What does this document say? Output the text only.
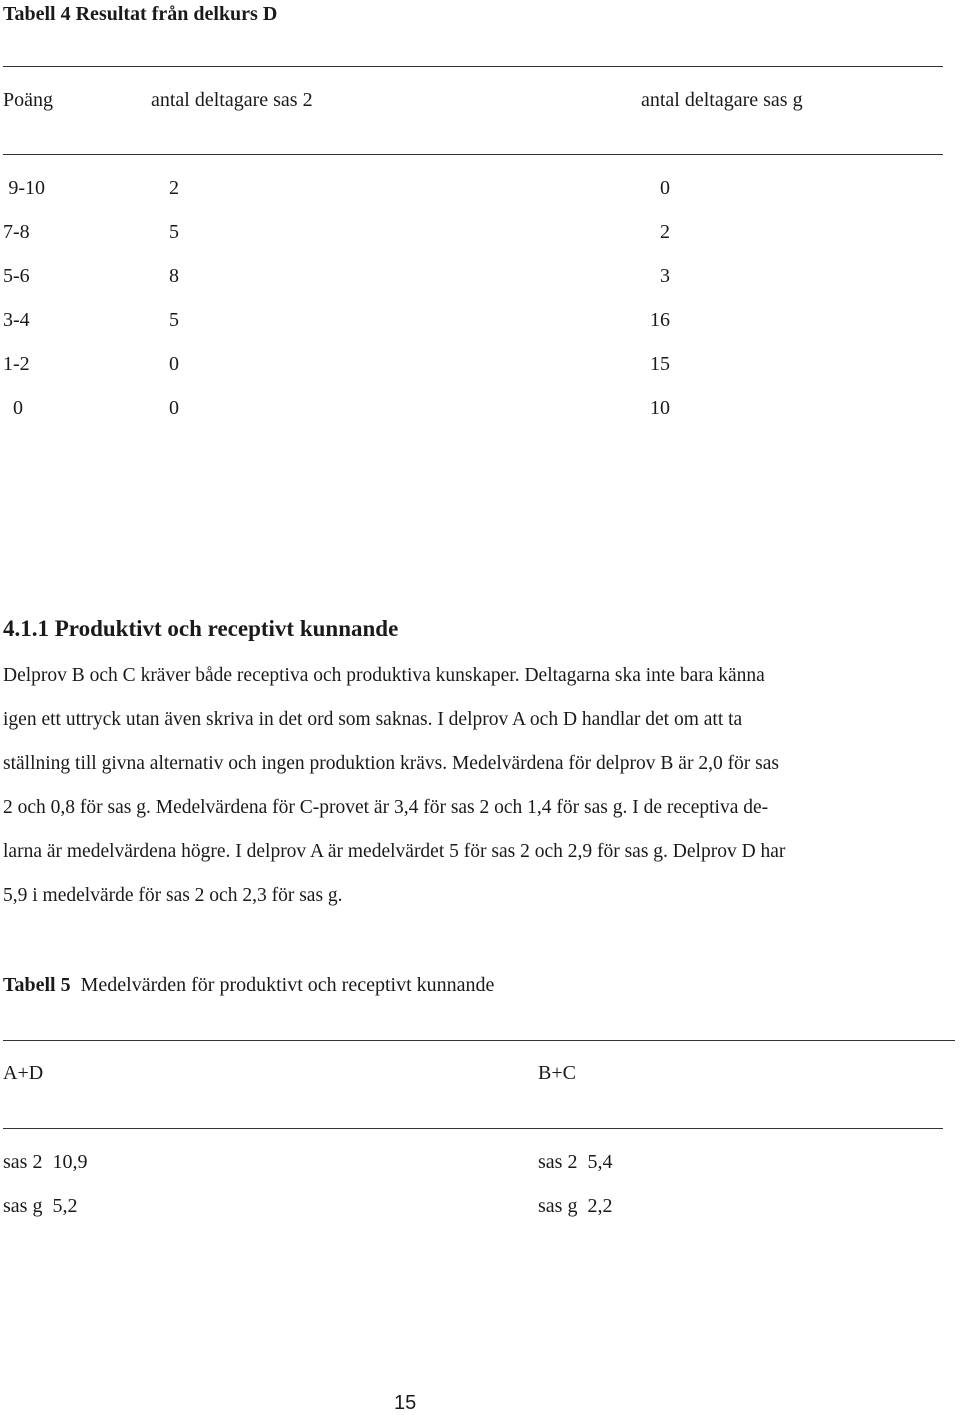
Tabell 4 Resultat från delkurs D
Poäng	antal deltagare sas 2	antal deltagare sas g
9-10	2	0
7-8	5	2
5-6	8	3
3-4	5	16
1-2	0	15
0	0	10
4.1.1 Produktivt och receptivt kunnande
Delprov B och C kräver både receptiva och produktiva kunskaper. Deltagarna ska inte bara känna
igen ett uttryck utan även skriva in det ord som saknas. I delprov A och D handlar det om att ta
ställning till givna alternativ och ingen produktion krävs. Medelvärdena för delprov B är 2,0 för sas
2 och 0,8 för sas g. Medelvärdena för C-provet är 3,4 för sas 2 och 1,4 för sas g. I de receptiva de-
larna är medelvärdena högre. I delprov A är medelvärdet 5 för sas 2 och 2,9 för sas g. Delprov D har
5,9 i medelvärde för sas 2 och 2,3 för sas g.
Tabell 5 Medelvärden för produktivt och receptivt kunnande
A+D	B+C
sas 2  10,9	sas 2  5,4
sas g  5,2	sas g  2,2
15
